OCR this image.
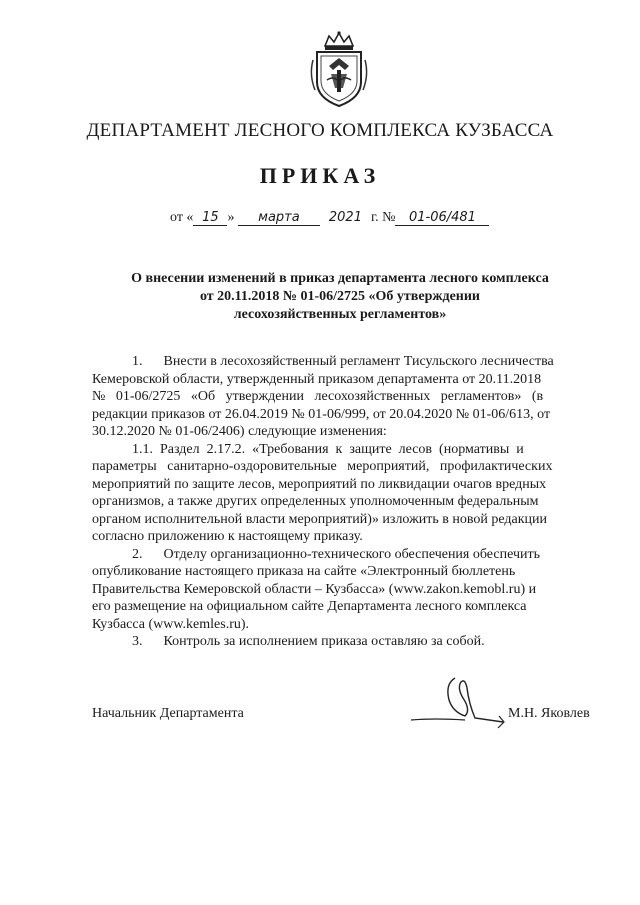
ДЕПАРТАМЕНТ ЛЕСНОГО КОМПЛЕКСА КУЗБАССА
ПРИКАЗ
от « 15 » марта 2021 г. № 01-06/481
О внесении изменений в приказ департамента лесного комплекса
от 20.11.2018 № 01-06/2725 «Об утверждении
лесохозяйственных регламентов»
1.      Внести в лесохозяйственный регламент Тисульского лесничества
Кемеровской области, утвержденный приказом департамента от 20.11.2018
№   01-06/2725   «Об   утверждении   лесохозяйственных   регламентов»   (в
редакции приказов от 26.04.2019 № 01-06/999, от 20.04.2020 № 01-06/613, от
30.12.2020 № 01-06/2406) следующие изменения:
1.1.  Раздел  2.17.2.  «Требования  к  защите  лесов  (нормативы  и
параметры   санитарно-оздоровительные   мероприятий,   профилактических
мероприятий по защите лесов, мероприятий по ликвидации очагов вредных
организмов, а также других определенных уполномоченным федеральным
органом исполнительной власти мероприятий)» изложить в новой редакции
согласно приложению к настоящему приказу.
2.      Отделу организационно-технического обеспечения обеспечить
опубликование настоящего приказа на сайте «Электронный бюллетень
Правительства Кемеровской области – Кузбасса» (www.zakon.kemobl.ru) и
его размещение на официальном сайте Департамента лесного комплекса
Кузбасса (www.kemles.ru).
3.      Контроль за исполнением приказа оставляю за собой.
Начальник Департамента	М.Н. Яковлев
